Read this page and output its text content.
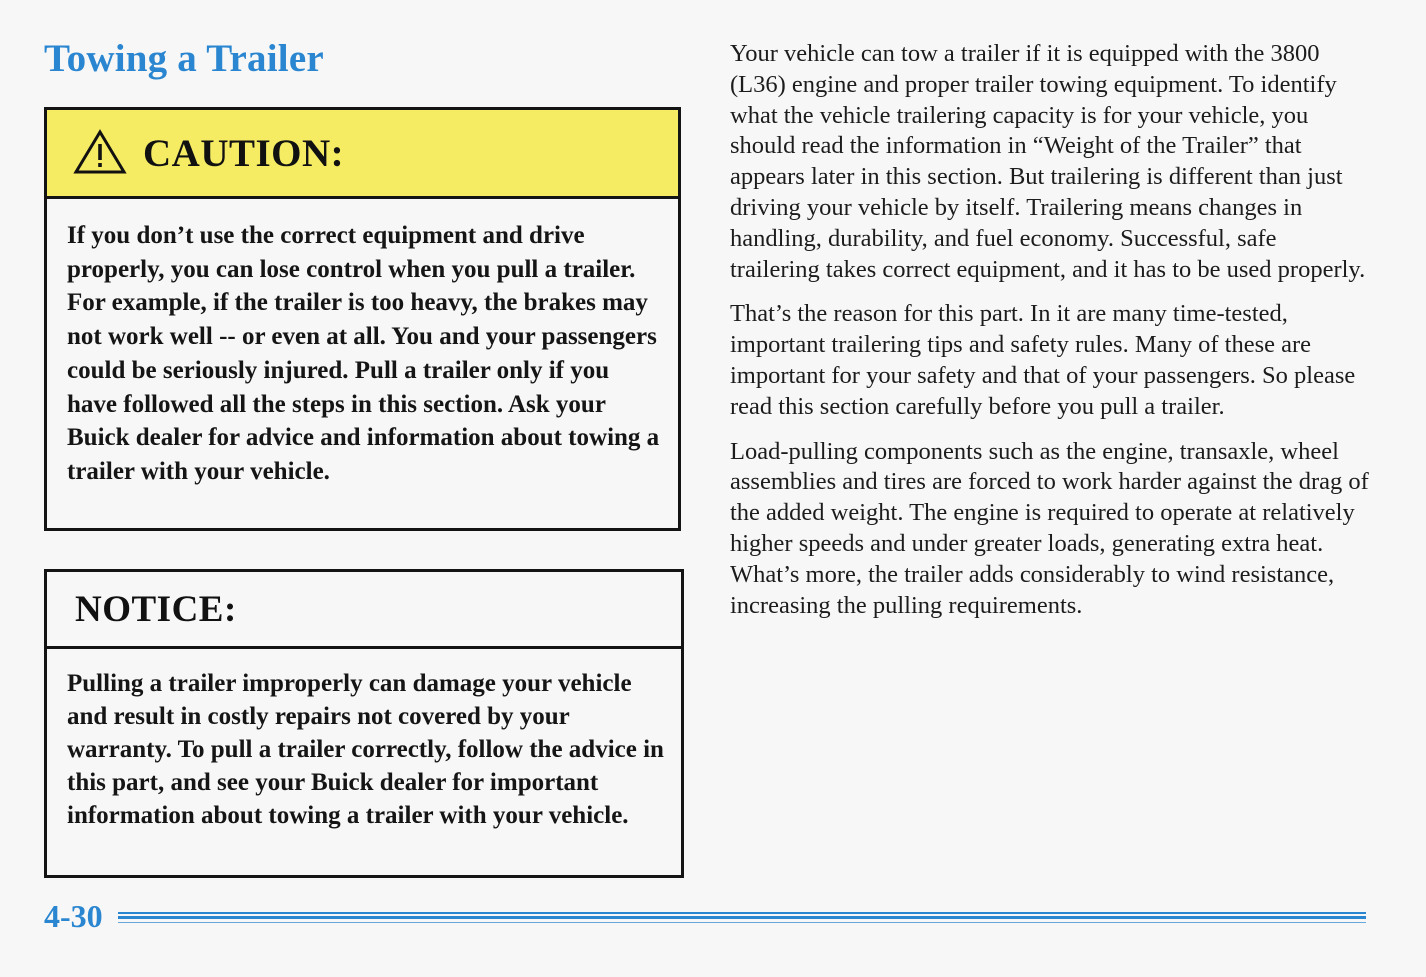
Towing a Trailer
CAUTION:

If you don’t use the correct equipment and drive properly, you can lose control when you pull a trailer. For example, if the trailer is too heavy, the brakes may not work well -- or even at all. You and your passengers could be seriously injured. Pull a trailer only if you have followed all the steps in this section. Ask your Buick dealer for advice and information about towing a trailer with your vehicle.

NOTICE:

Pulling a trailer improperly can damage your vehicle and result in costly repairs not covered by your warranty. To pull a trailer correctly, follow the advice in this part, and see your Buick dealer for important information about towing a trailer with your vehicle.

Your vehicle can tow a trailer if it is equipped with the 3800 (L36) engine and proper trailer towing equipment. To identify what the vehicle trailering capacity is for your vehicle, you should read the information in “Weight of the Trailer” that appears later in this section. But trailering is different than just driving your vehicle by itself. Trailering means changes in handling, durability, and fuel economy. Successful, safe trailering takes correct equipment, and it has to be used properly.

That’s the reason for this part. In it are many time-tested, important trailering tips and safety rules. Many of these are important for your safety and that of your passengers. So please read this section carefully before you pull a trailer.

Load-pulling components such as the engine, transaxle, wheel assemblies and tires are forced to work harder against the drag of the added weight. The engine is required to operate at relatively higher speeds and under greater loads, generating extra heat. What’s more, the trailer adds considerably to wind resistance, increasing the pulling requirements.

4-30
